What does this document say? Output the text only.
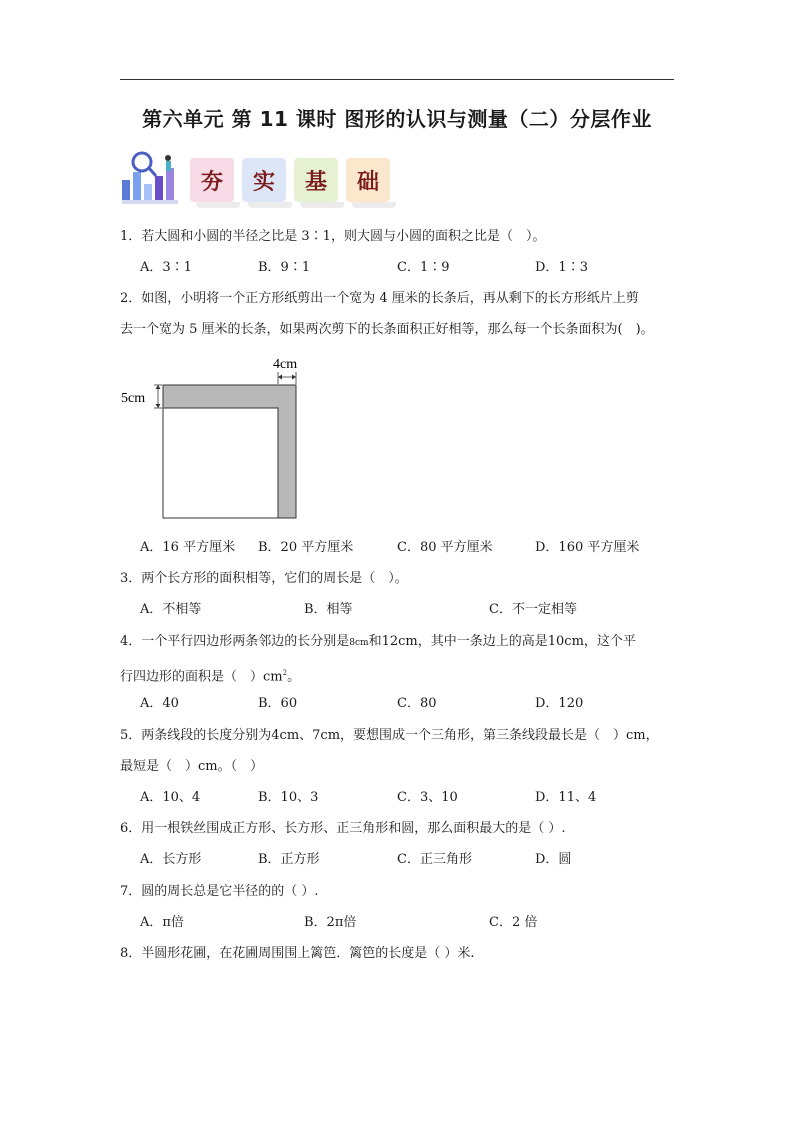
第六单元 第 11 课时 图形的认识与测量（二）分层作业
夯	实	基	础
1．若大圆和小圆的半径之比是 3∶1，则大圆与小圆的面积之比是（　）。
A．3∶1	B．9∶1	C．1∶9	D．1∶3
2．如图，小明将一个正方形纸剪出一个宽为 4 厘米的长条后，再从剩下的长方形纸片上剪
去一个宽为 5 厘米的长条，如果两次剪下的长条面积正好相等，那么每一个长条面积为(　)。
4cm
5cm
A．16 平方厘米 B．20 平方厘米	C．80 平方厘米	D．160 平方厘米
3．两个长方形的面积相等，它们的周长是（　）。
A．不相等	B．相等	C．不一定相等
4．一个平行四边形两条邻边的长分别是8cm和12cm，其中一条边上的高是10cm，这个平
行四边形的面积是（　）$cm^2$。
A．40	B．60	C．80	D．120
5．两条线段的长度分别为4cm、7cm，要想围成一个三角形，第三条线段最长是（　）cm，
最短是（　）cm。（　）
A．10、4	B．10、3	C．3、10	D．11、4
6．用一根铁丝围成正方形、长方形、正三角形和圆，那么面积最大的是（ ）.
A．长方形	B．正方形	C．正三角形	D．圆
7．圆的周长总是它半径的的（ ）.
A．π倍	B．2π倍	C．2 倍
8．半圆形花圃，在花圃周围围上篱笆．篱笆的长度是（ ）米.
